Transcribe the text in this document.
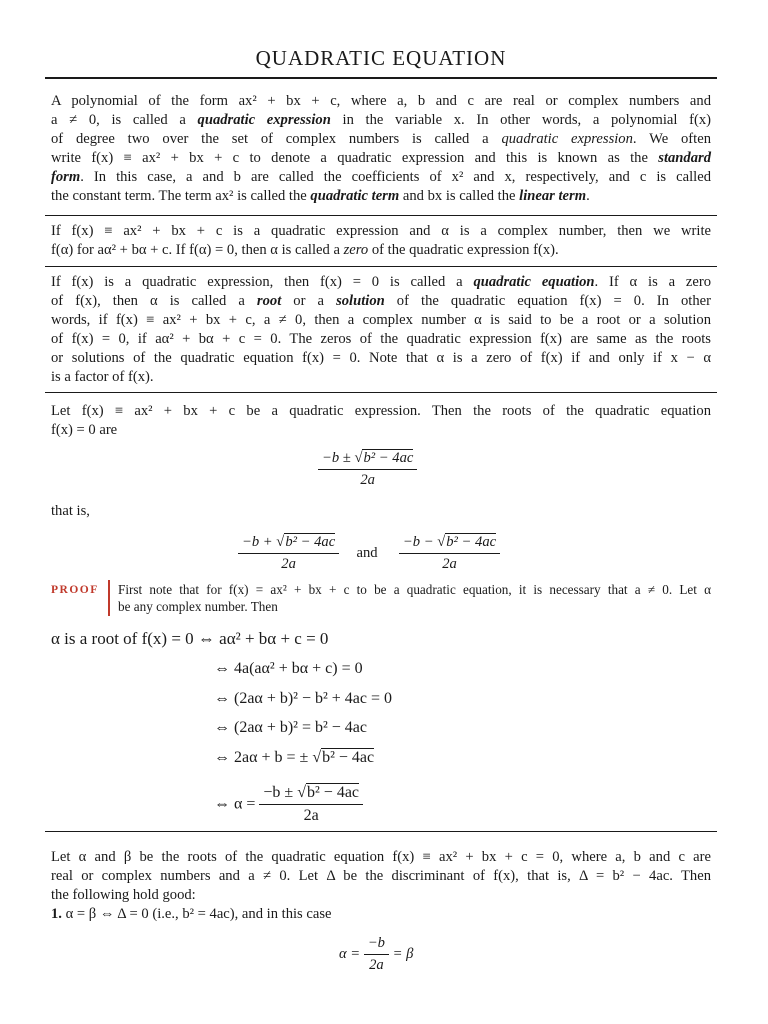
QUADRATIC EQUATION
A polynomial of the form ax² + bx + c, where a, b and c are real or complex numbers and
a ≠ 0, is called a quadratic expression in the variable x. In other words, a polynomial f(x)
of degree two over the set of complex numbers is called a quadratic expression. We often
write f(x) ≡ ax² + bx + c to denote a quadratic expression and this is known as the standard
form. In this case, a and b are called the coefficients of x² and x, respectively, and c is called
the constant term. The term ax² is called the quadratic term and bx is called the linear term.
If f(x) ≡ ax² + bx + c is a quadratic expression and α is a complex number, then we write
f(α) for aα² + bα + c. If f(α) = 0, then α is called a zero of the quadratic expression f(x).
If f(x) is a quadratic expression, then f(x) = 0 is called a quadratic equation. If α is a zero
of f(x), then α is called a root or a solution of the quadratic equation f(x) = 0. In other
words, if f(x) ≡ ax² + bx + c, a ≠ 0, then a complex number α is said to be a root or a solution
of f(x) = 0, if aα² + bα + c = 0. The zeros of the quadratic expression f(x) are same as the roots
or solutions of the quadratic equation f(x) = 0. Note that α is a zero of f(x) if and only if x − α
is a factor of f(x).
Let f(x) ≡ ax² + bx + c be a quadratic expression. Then the roots of the quadratic equation
f(x) = 0 are
$\frac{\text{−b ± √b² − 4ac}}{2a}$
that is,
$\frac{\text{−b + √b² − 4ac}}{2a}$ and $\frac{\text{−b − √b² − 4ac}}{2a}$
PROOF First note that for f(x) = ax² + bx + c to be a quadratic equation, it is necessary that a ≠ 0. Let α
be any complex number. Then
α is a root of f(x) = 0 ⇔ aα² + bα + c = 0
⇔ 4a(aα² + bα + c) = 0
⇔ (2aα + b)² − b² + 4ac = 0
⇔ (2aα + b)² = b² − 4ac
⇔ 2aα + b = ± √b² − 4ac
⇔ $\alpha = \frac{\text{−b ± √b² − 4ac}}{2a}$
Let α and β be the roots of the quadratic equation f(x) ≡ ax² + bx + c = 0, where a, b and c are
real or complex numbers and a ≠ 0. Let Δ be the discriminant of f(x), that is, Δ = b² − 4ac. Then
the following hold good:
1. α = β ⇔ Δ = 0 (i.e., b² = 4ac), and in this case
$\alpha = \frac{-b}{2a} = \beta$
